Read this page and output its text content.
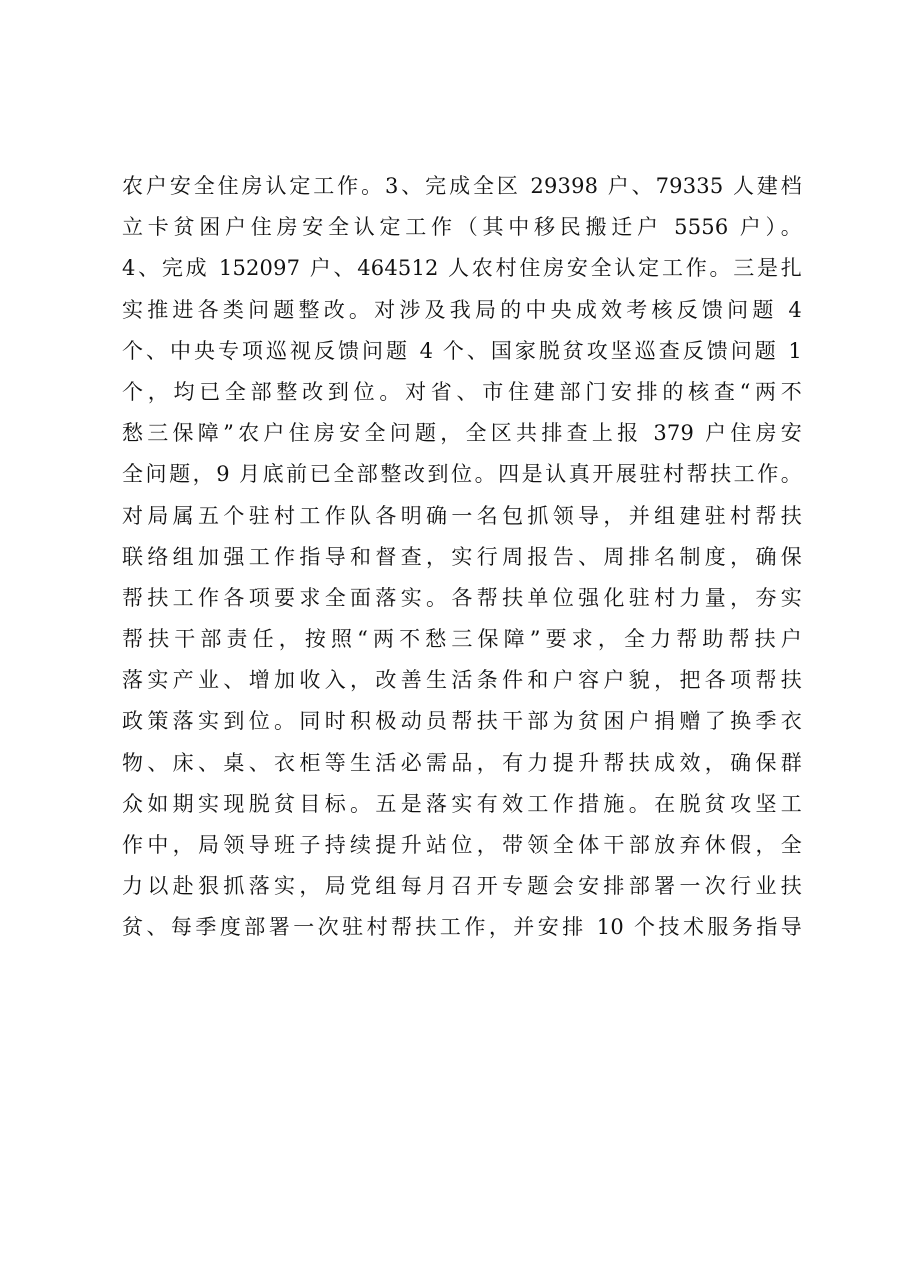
农户安全住房认定工作。3、完成全区 29398 户、79335 人建档
立卡贫困户住房安全认定工作（其中移民搬迁户 5556 户）。
4、完成 152097 户、464512 人农村住房安全认定工作。三是扎
实推进各类问题整改。对涉及我局的中央成效考核反馈问题 4
个、中央专项巡视反馈问题 4 个、国家脱贫攻坚巡查反馈问题 1
个，均已全部整改到位。对省、市住建部门安排的核查“两不
愁三保障”农户住房安全问题，全区共排查上报 379 户住房安
全问题，9 月底前已全部整改到位。四是认真开展驻村帮扶工作。
对局属五个驻村工作队各明确一名包抓领导，并组建驻村帮扶
联络组加强工作指导和督查，实行周报告、周排名制度，确保
帮扶工作各项要求全面落实。各帮扶单位强化驻村力量，夯实
帮扶干部责任，按照“两不愁三保障”要求，全力帮助帮扶户
落实产业、增加收入，改善生活条件和户容户貌，把各项帮扶
政策落实到位。同时积极动员帮扶干部为贫困户捐赠了换季衣
物、床、桌、衣柜等生活必需品，有力提升帮扶成效，确保群
众如期实现脱贫目标。五是落实有效工作措施。在脱贫攻坚工
作中，局领导班子持续提升站位，带领全体干部放弃休假，全
力以赴狠抓落实，局党组每月召开专题会安排部署一次行业扶
贫、每季度部署一次驻村帮扶工作，并安排 10 个技术服务指导
